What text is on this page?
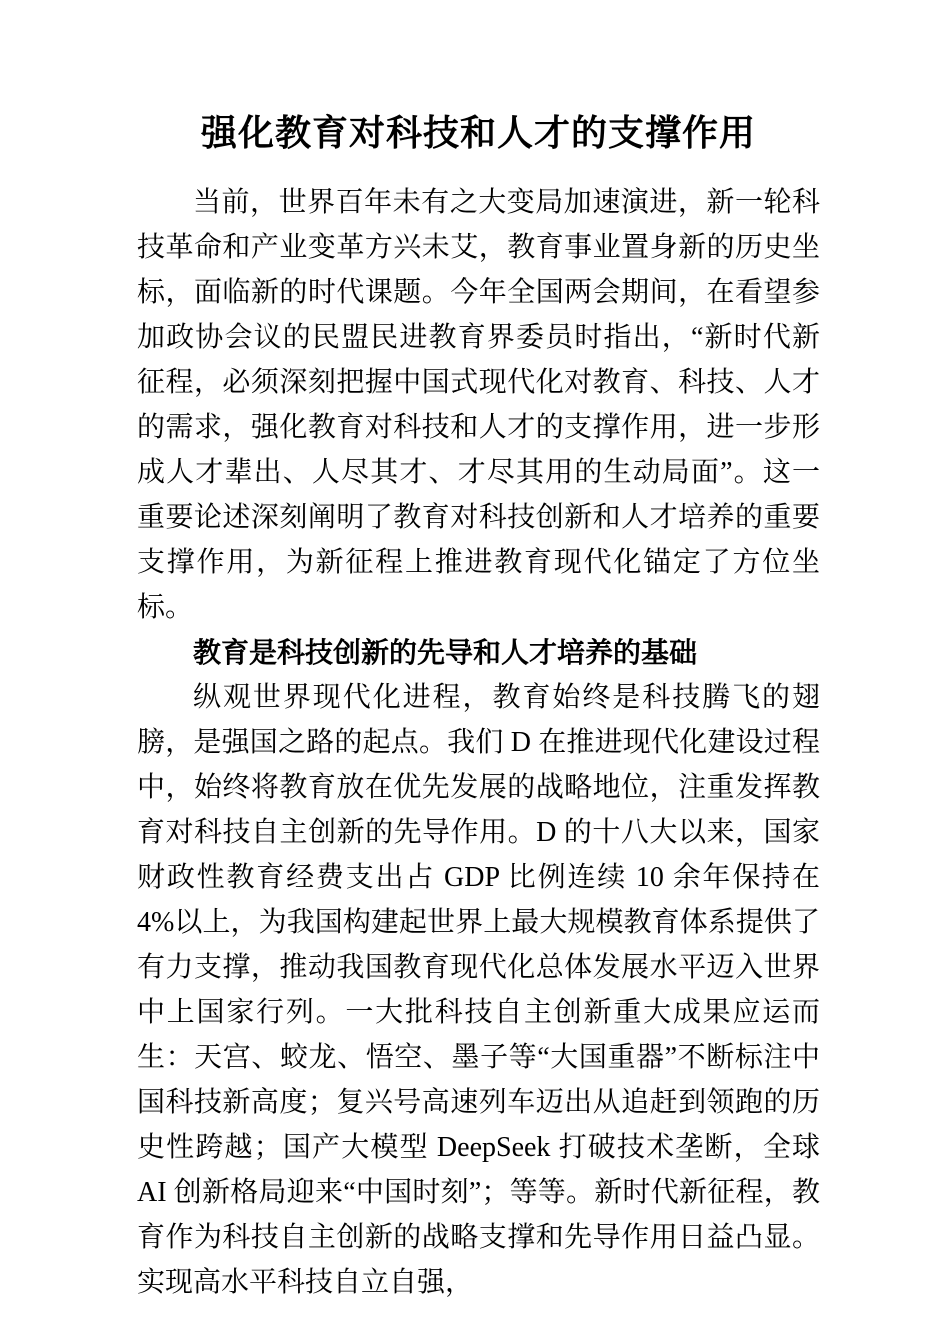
强化教育对科技和人才的支撑作用

当前，世界百年未有之大变局加速演进，新一轮科技革命和产业变革方兴未艾，教育事业置身新的历史坐标，面临新的时代课题。今年全国两会期间，在看望参加政协会议的民盟民进教育界委员时指出，“新时代新征程，必须深刻把握中国式现代化对教育、科技、人才的需求，强化教育对科技和人才的支撑作用，进一步形成人才辈出、人尽其才、才尽其用的生动局面”。这一重要论述深刻阐明了教育对科技创新和人才培养的重要支撑作用，为新征程上推进教育现代化锚定了方位坐标。

教育是科技创新的先导和人才培养的基础

纵观世界现代化进程，教育始终是科技腾飞的翅膀，是强国之路的起点。我们 D 在推进现代化建设过程中，始终将教育放在优先发展的战略地位，注重发挥教育对科技自主创新的先导作用。D 的十八大以来，国家财政性教育经费支出占 GDP 比例连续 10 余年保持在 4%以上，为我国构建起世界上最大规模教育体系提供了有力支撑，推动我国教育现代化总体发展水平迈入世界中上国家行列。一大批科技自主创新重大成果应运而生：天宫、蛟龙、悟空、墨子等“大国重器”不断标注中国科技新高度；复兴号高速列车迈出从追赶到领跑的历史性跨越；国产大模型 DeepSeek 打破技术垄断，全球 AI 创新格局迎来“中国时刻”；等等。新时代新征程，教育作为科技自主创新的战略支撑和先导作用日益凸显。实现高水平科技自立自强，
